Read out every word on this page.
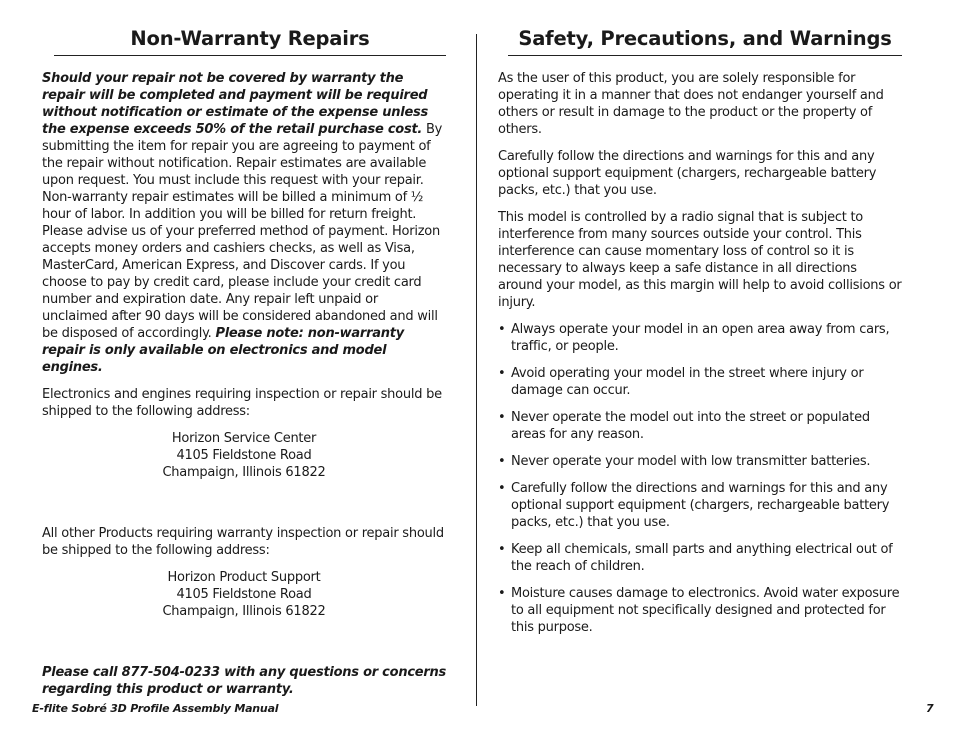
Non-Warranty Repairs

Should your repair not be covered by warranty the repair will be completed and payment will be required without notification or estimate of the expense unless the expense exceeds 50% of the retail purchase cost. By submitting the item for repair you are agreeing to payment of the repair without notification. Repair estimates are available upon request. You must include this request with your repair. Non-warranty repair estimates will be billed a minimum of ½ hour of labor. In addition you will be billed for return freight. Please advise us of your preferred method of payment. Horizon accepts money orders and cashiers checks, as well as Visa, MasterCard, American Express, and Discover cards. If you choose to pay by credit card, please include your credit card number and expiration date. Any repair left unpaid or unclaimed after 90 days will be considered abandoned and will be disposed of accordingly. Please note: non-warranty repair is only available on electronics and model engines.

Electronics and engines requiring inspection or repair should be shipped to the following address:

Horizon Service Center

4105 Fieldstone Road

Champaign, Illinois 61822

All other Products requiring warranty inspection or repair should be shipped to the following address:

Horizon Product Support

4105 Fieldstone Road

Champaign, Illinois 61822

Please call 877-504-0233 with any questions or concerns regarding this product or warranty.

Safety, Precautions, and Warnings

As the user of this product, you are solely responsible for operating it in a manner that does not endanger yourself and others or result in damage to the product or the property of others.

Carefully follow the directions and warnings for this and any optional support equipment (chargers, rechargeable battery packs, etc.) that you use.

This model is controlled by a radio signal that is subject to interference from many sources outside your control. This interference can cause momentary loss of control so it is necessary to always keep a safe distance in all directions around your model, as this margin will help to avoid collisions or injury.

• Always operate your model in an open area away from cars, traffic, or people.
• Avoid operating your model in the street where injury or damage can occur.
• Never operate the model out into the street or populated areas for any reason.
• Never operate your model with low transmitter batteries.
• Carefully follow the directions and warnings for this and any optional support equipment (chargers, rechargeable battery packs, etc.) that you use.
• Keep all chemicals, small parts and anything electrical out of the reach of children.
• Moisture causes damage to electronics. Avoid water exposure to all equipment not specifically designed and protected for this purpose.
E-flite Sobré 3D Profile Assembly Manual	7
